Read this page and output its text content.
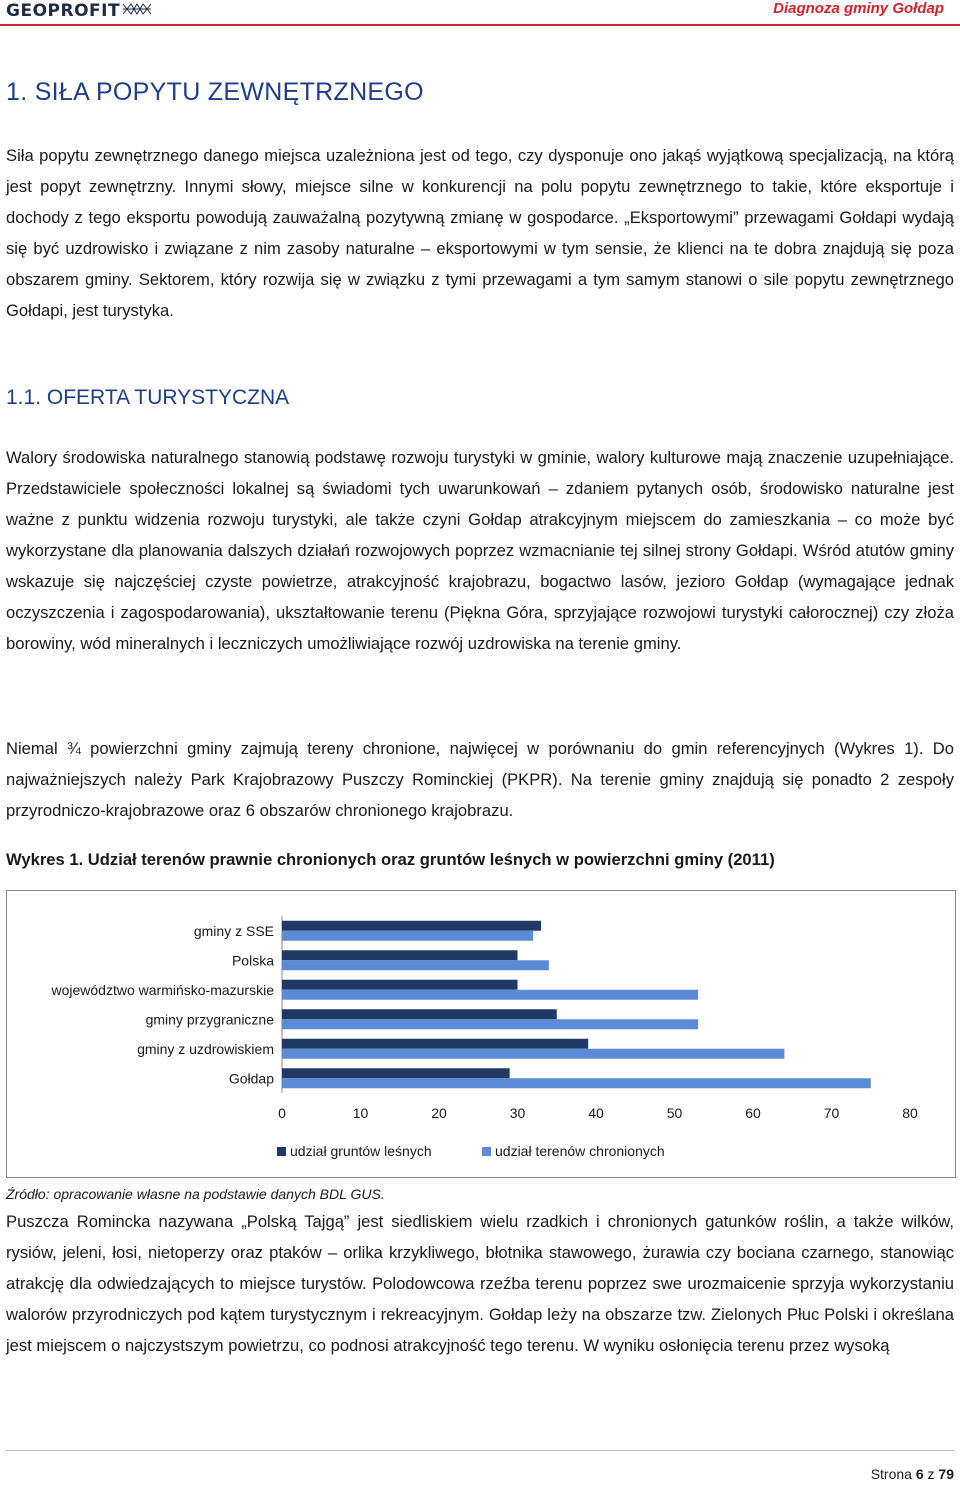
GEOPROFIT	Diagnoza gminy Gołdap
1. SIŁA POPYTU ZEWNĘTRZNEGO

Siła popytu zewnętrznego danego miejsca uzależniona jest od tego, czy dysponuje ono jakąś wyjątkową specjalizacją, na którą jest popyt zewnętrzny. Innymi słowy, miejsce silne w konkurencji na polu popytu zewnętrznego to takie, które eksportuje i dochody z tego eksportu powodują zauważalną pozytywną zmianę w gospodarce. „Eksportowymi” przewagami Gołdapi wydają się być uzdrowisko i związane z nim zasoby naturalne – eksportowymi w tym sensie, że klienci na te dobra znajdują się poza obszarem gminy. Sektorem, który rozwija się w związku z tymi przewagami a tym samym stanowi o sile popytu zewnętrznego Gołdapi, jest turystyka.

1.1. OFERTA TURYSTYCZNA

Walory środowiska naturalnego stanowią podstawę rozwoju turystyki w gminie, walory kulturowe mają znaczenie uzupełniające. Przedstawiciele społeczności lokalnej są świadomi tych uwarunkowań – zdaniem pytanych osób, środowisko naturalne jest ważne z punktu widzenia rozwoju turystyki, ale także czyni Gołdap atrakcyjnym miejscem do zamieszkania – co może być wykorzystane dla planowania dalszych działań rozwojowych poprzez wzmacnianie tej silnej strony Gołdapi. Wśród atutów gminy wskazuje się najczęściej czyste powietrze, atrakcyjność krajobrazu, bogactwo lasów, jezioro Gołdap (wymagające jednak oczyszczenia i zagospodarowania), ukształtowanie terenu (Piękna Góra, sprzyjające rozwojowi turystyki całorocznej) czy złoża borowiny, wód mineralnych i leczniczych umożliwiające rozwój uzdrowiska na terenie gminy.

Niemal ¾ powierzchni gminy zajmują tereny chronione, najwięcej w porównaniu do gmin referencyjnych (Wykres 1). Do najważniejszych należy Park Krajobrazowy Puszczy Rominckiej (PKPR). Na terenie gminy znajdują się ponadto 2 zespoły przyrodniczo-krajobrazowe oraz 6 obszarów chronionego krajobrazu.

Wykres 1. Udział terenów prawnie chronionych oraz gruntów leśnych w powierzchni gminy (2011)
gminy z SSE
Polska
województwo warmińsko-mazurskie
gminy przygraniczne
gminy z uzdrowiskiem
Gołdap
0	10	20	30	40	50	60	70	80
udział gruntów leśnych	udział terenów chronionych
Źródło: opracowanie własne na podstawie danych BDL GUS.

Puszcza Romincka nazywana „Polską Tajgą” jest siedliskiem wielu rzadkich i chronionych gatunków roślin, a także wilków, rysiów, jeleni, łosi, nietoperzy oraz ptaków – orlika krzykliwego, błotnika stawowego, żurawia czy bociana czarnego, stanowiąc atrakcję dla odwiedzających to miejsce turystów. Polodowcowa rzeźba terenu poprzez swe urozmaicenie sprzyja wykorzystaniu walorów przyrodniczych pod kątem turystycznym i rekreacyjnym. Gołdap leży na obszarze tzw. Zielonych Płuc Polski i określana jest miejscem o najczystszym powietrzu, co podnosi atrakcyjność tego terenu. W wyniku osłonięcia terenu przez wysoką

Strona 6 z 79
